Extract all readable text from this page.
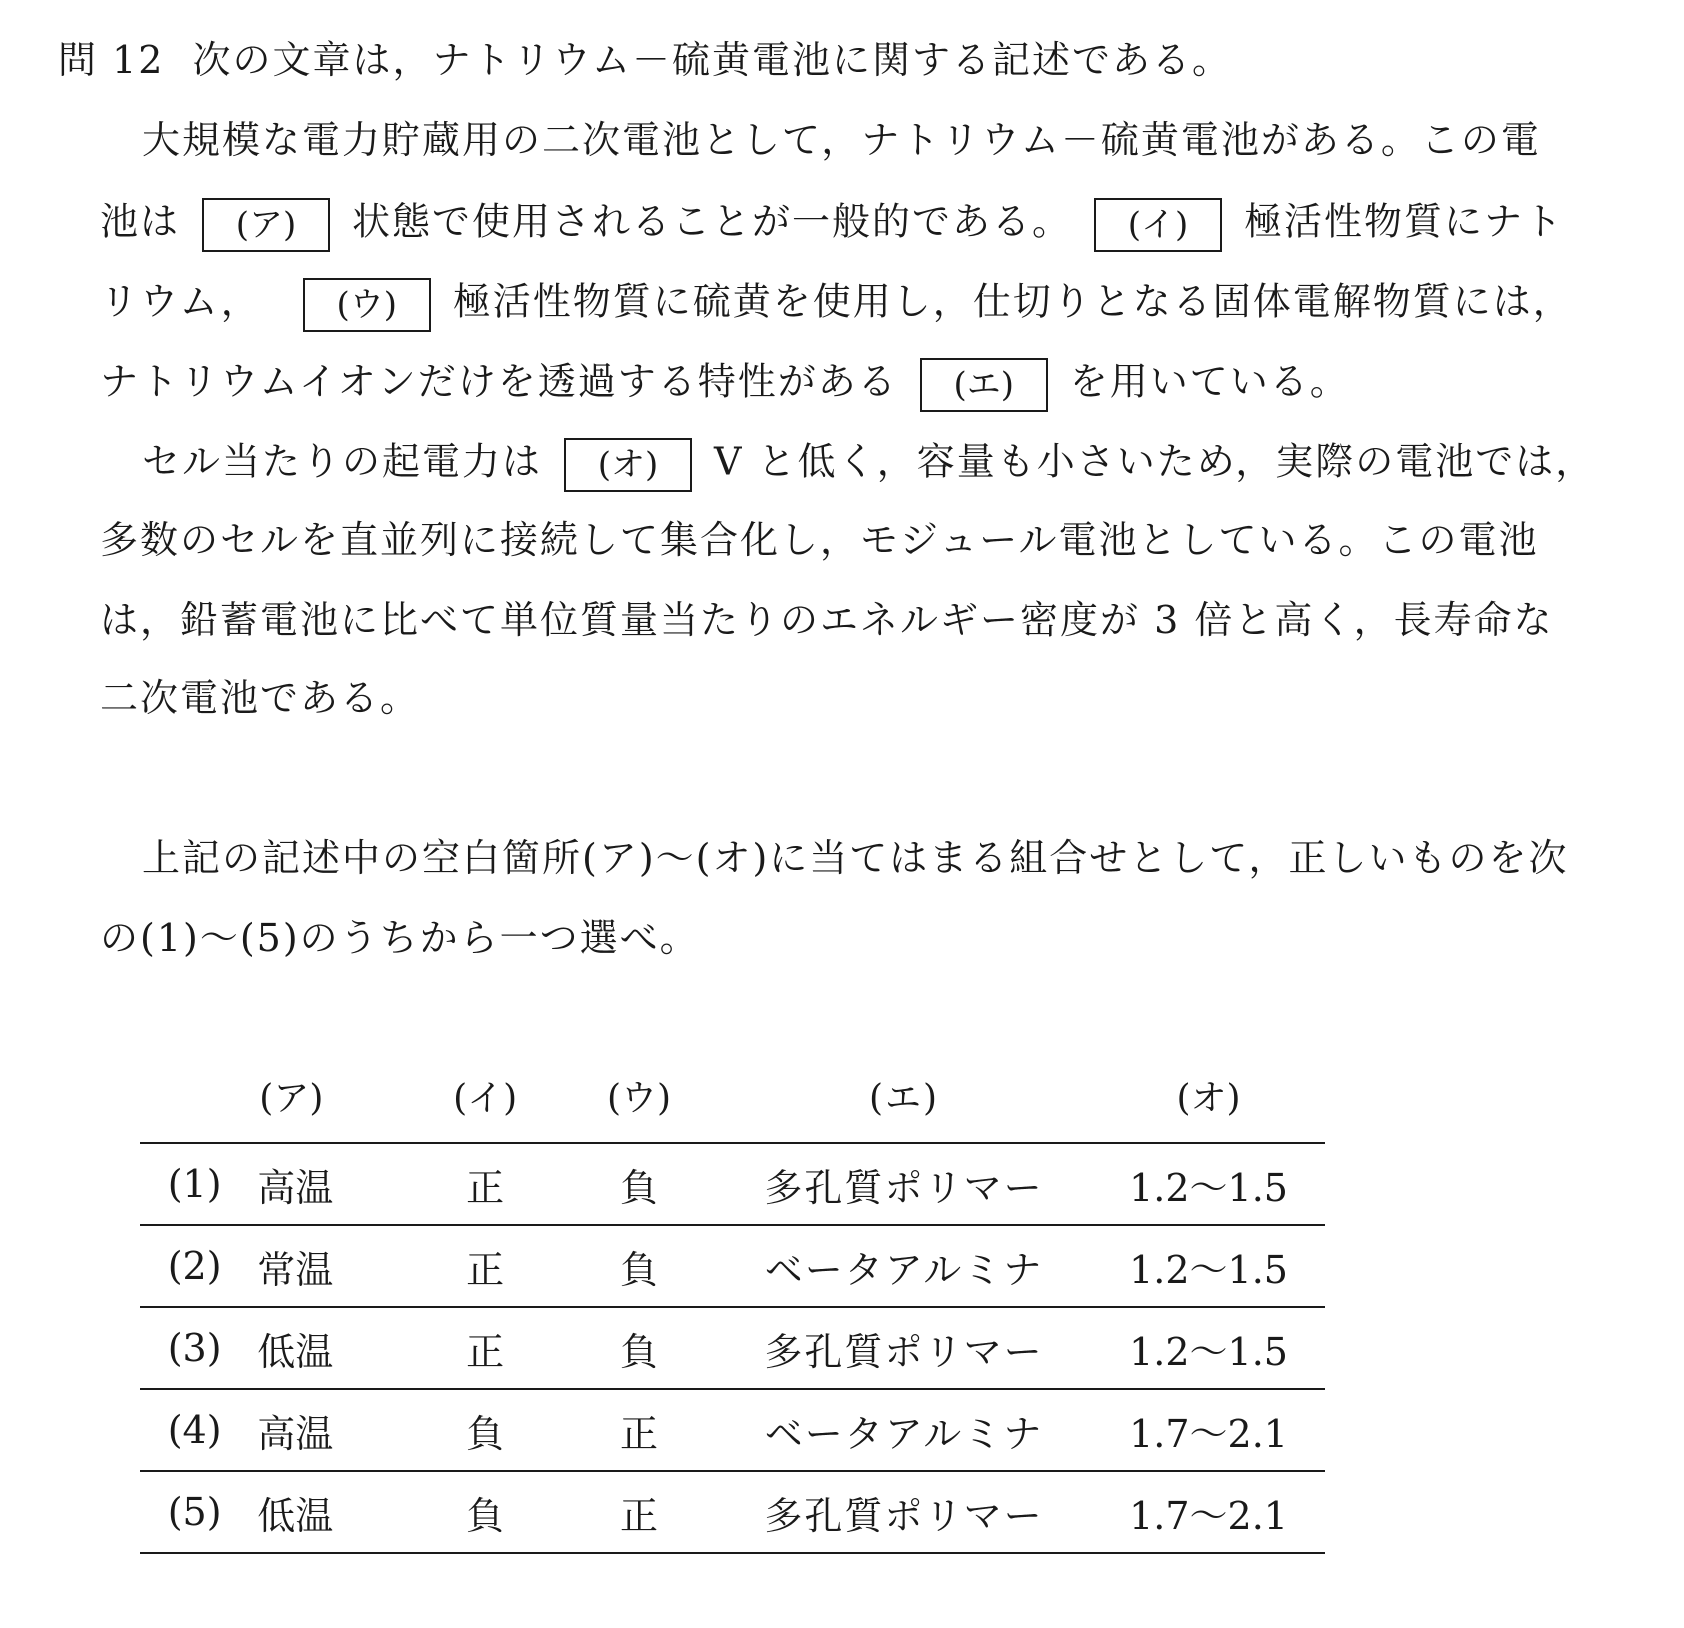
問 12 次の文章は，ナトリウム－硫黄電池に関する記述である。
大規模な電力貯蔵用の二次電池として，ナトリウム－硫黄電池がある。この電
池は (ア) 状態で使用されることが一般的である。 (イ) 極活性物質にナト
リウム， (ウ) 極活性物質に硫黄を使用し，仕切りとなる固体電解物質には，
ナトリウムイオンだけを透過する特性がある (エ) を用いている。
セル当たりの起電力は (オ) V と低く，容量も小さいため，実際の電池では，
多数のセルを直並列に接続して集合化し，モジュール電池としている。この電池
は，鉛蓄電池に比べて単位質量当たりのエネルギー密度が 3 倍と高く，長寿命な
二次電池である。
上記の記述中の空白箇所(ア)～(オ)に当てはまる組合せとして，正しいものを次
の(1)～(5)のうちから一つ選べ。
	(ア)	(イ)	(ウ)	(エ)	(オ)
(1)	高温	正	負	多孔質ポリマー	1.2～1.5
(2)	常温	正	負	ベータアルミナ	1.2～1.5
(3)	低温	正	負	多孔質ポリマー	1.2～1.5
(4)	高温	負	正	ベータアルミナ	1.7～2.1
(5)	低温	負	正	多孔質ポリマー	1.7～2.1
